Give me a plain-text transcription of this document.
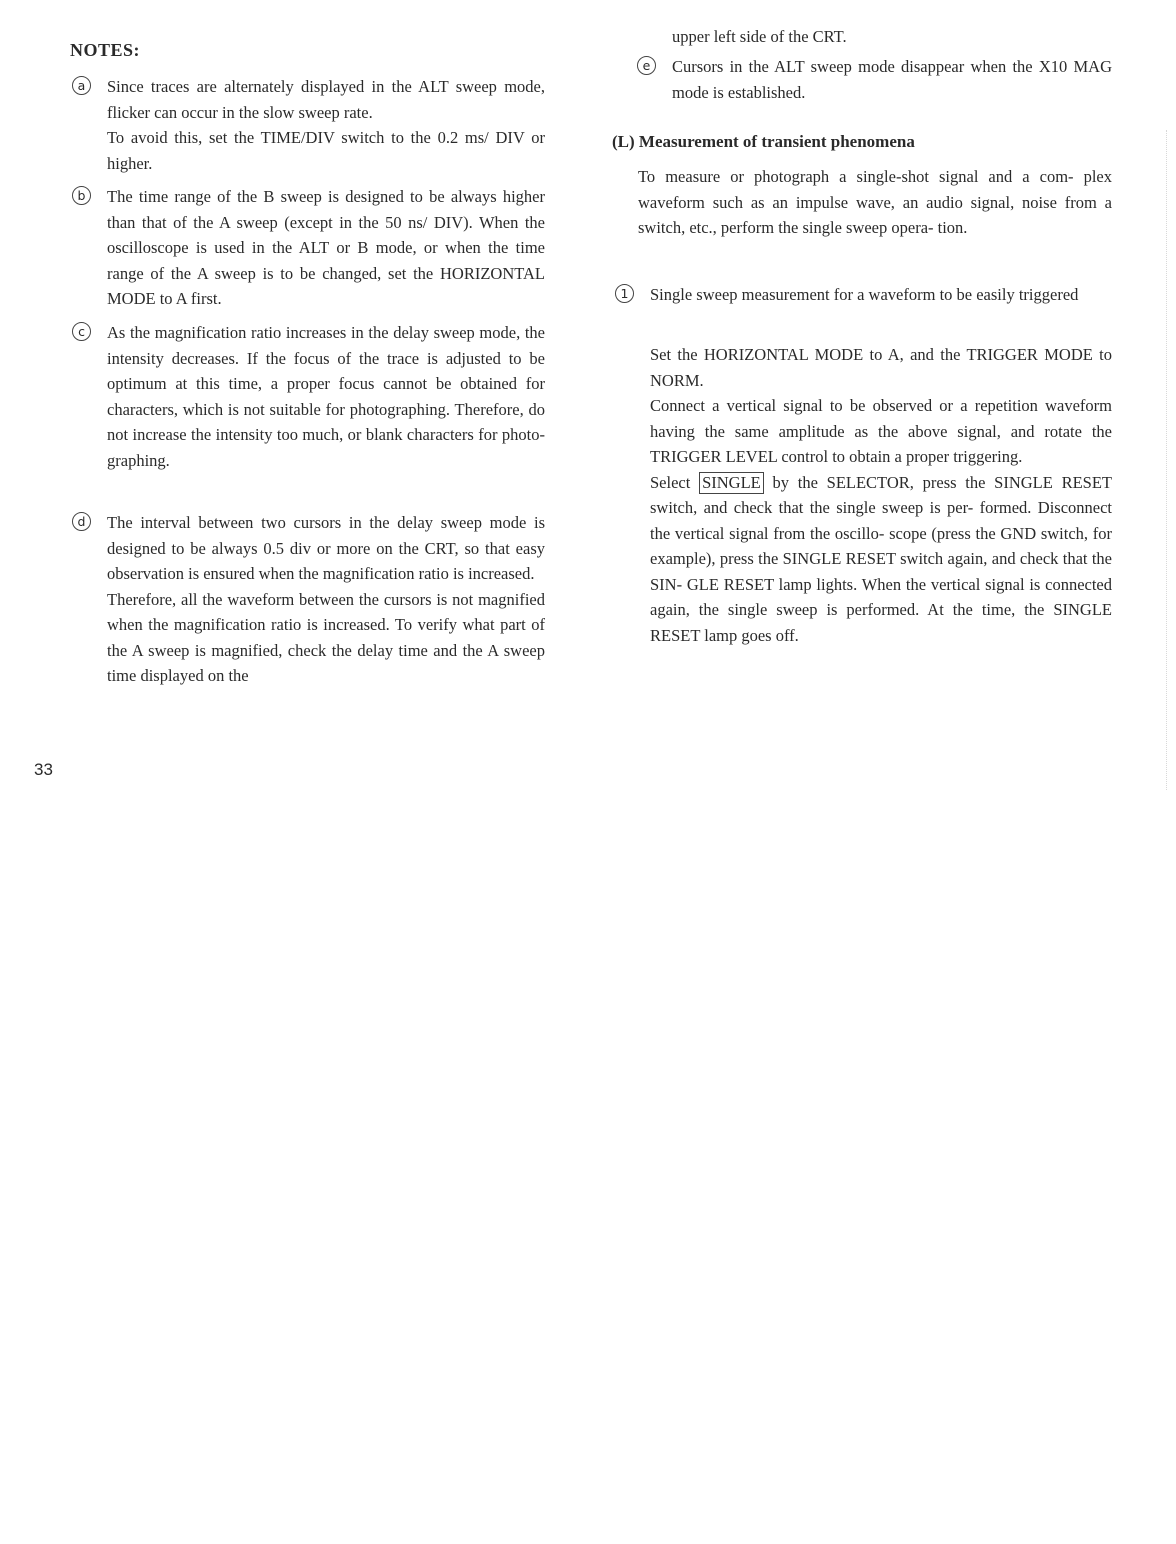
NOTES:
a	Since traces are alternately displayed in the ALT sweep mode, flicker can occur in the slow sweep rate.

To avoid this, set the TIME/DIV switch to the 0.2 ms/ DIV or higher.

b	The time range of the B sweep is designed to be always higher than that of the A sweep (except in the 50 ns/ DIV). When the oscilloscope is used in the ALT or B mode, or when the time range of the A sweep is to be changed, set the HORIZONTAL MODE to A first.

c	As the magnification ratio increases in the delay sweep mode, the intensity decreases. If the focus of the trace is adjusted to be optimum at this time, a proper focus cannot be obtained for characters, which is not suitable for photographing. Therefore, do not increase the intensity too much, or blank characters for photo- graphing.

d	The interval between two cursors in the delay sweep mode is designed to be always 0.5 div or more on the CRT, so that easy observation is ensured when the magnification ratio is increased.

Therefore, all the waveform between the cursors is not magnified when the magnification ratio is increased. To verify what part of the A sweep is magnified, check the delay time and the A sweep time displayed on the

upper left side of the CRT.

e	Cursors in the ALT sweep mode disappear when the X10 MAG mode is established.

(L) Measurement of transient phenomena

To measure or photograph a single-shot signal and a com- plex waveform such as an impulse wave, an audio signal, noise from a switch, etc., perform the single sweep opera- tion.

1	Single sweep measurement for a waveform to be easily triggered

Set the HORIZONTAL MODE to A, and the TRIGGER MODE to NORM.

Connect a vertical signal to be observed or a repetition waveform having the same amplitude as the above signal, and rotate the TRIGGER LEVEL control to obtain a proper triggering.

Select SINGLE by the SELECTOR, press the SINGLE RESET switch, and check that the single sweep is per- formed. Disconnect the vertical signal from the oscillo- scope (press the GND switch, for example), press the SINGLE RESET switch again, and check that the SIN- GLE RESET lamp lights. When the vertical signal is connected again, the single sweep is performed. At the time, the SINGLE RESET lamp goes off.

33
